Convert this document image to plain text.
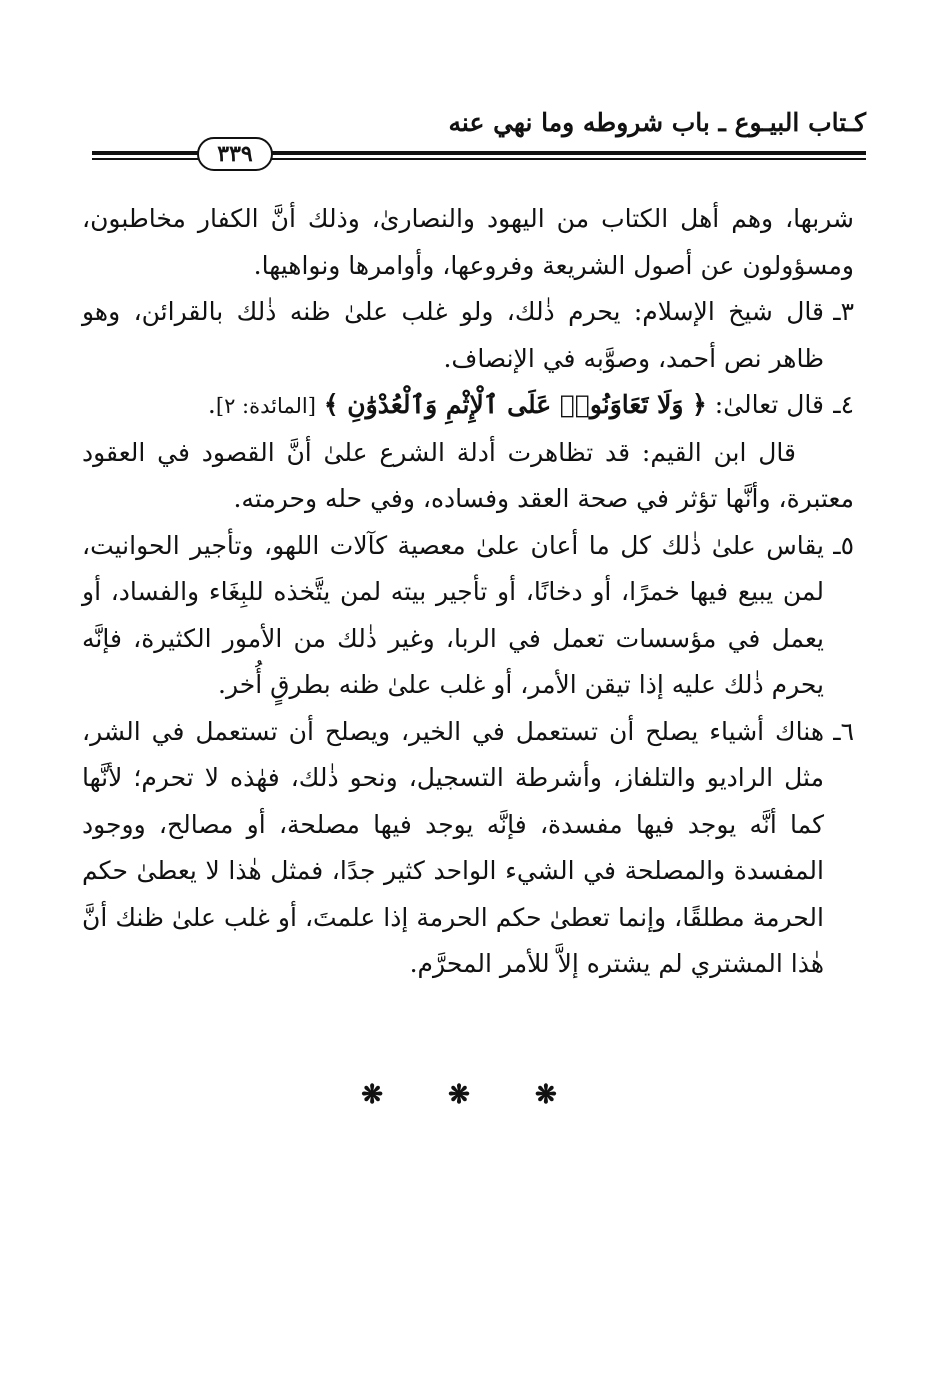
كـتاب البيـوع ـ باب شروطه وما نهي عنه
٣٣٩

شربها، وهم أهل الكتاب من اليهود والنصارىٰ، وذلك أنَّ الكفار مخاطبون، ومسؤولون عن أصول الشريعة وفروعها، وأوامرها ونواهيها.

٣ـ
قال شيخ الإسلام: يحرم ذٰلك، ولو غلب علىٰ ظنه ذٰلك بالقرائن، وهو ظاهر نص أحمد، وصوَّبه في الإنصاف.
٤ـ
قال تعالىٰ: ﴿ وَلَا تَعَاوَنُوا۟ عَلَى ٱلْإِثْمِ وَٱلْعُدْوَٰنِ ﴾ [المائدة: ٢].

قال ابن القيم: قد تظاهرت أدلة الشرع علىٰ أنَّ القصود في العقود معتبرة، وأنَّها تؤثر في صحة العقد وفساده، وفي حله وحرمته.

٥ـ
يقاس علىٰ ذٰلك كل ما أعان علىٰ معصية كآلات اللهو، وتأجير الحوانيت، لمن يبيع فيها خمرًا، أو دخانًا، أو تأجير بيته لمن يتَّخذه للبِغَاء والفساد، أو يعمل في مؤسسات تعمل في الربا، وغير ذٰلك من الأمور الكثيرة، فإنَّه يحرم ذٰلك عليه إذا تيقن الأمر، أو غلب علىٰ ظنه بطرقٍ أُخر.
٦ـ
هناك أشياء يصلح أن تستعمل في الخير، ويصلح أن تستعمل في الشر، مثل الراديو والتلفاز، وأشرطة التسجيل، ونحو ذٰلك، فهٰذه لا تحرم؛ لأنَّها كما أنَّه يوجد فيها مفسدة، فإنَّه يوجد فيها مصلحة، أو مصالح، ووجود المفسدة والمصلحة في الشيء الواحد كثير جدًا، فمثل هٰذا لا يعطىٰ حكم الحرمة مطلقًا، وإنما تعطىٰ حكم الحرمة إذا علمتَ، أو غلب علىٰ ظنك أنَّ هٰذا المشتري لم يشتره إلاَّ للأمر المحرَّم.
❋ ❋ ❋
